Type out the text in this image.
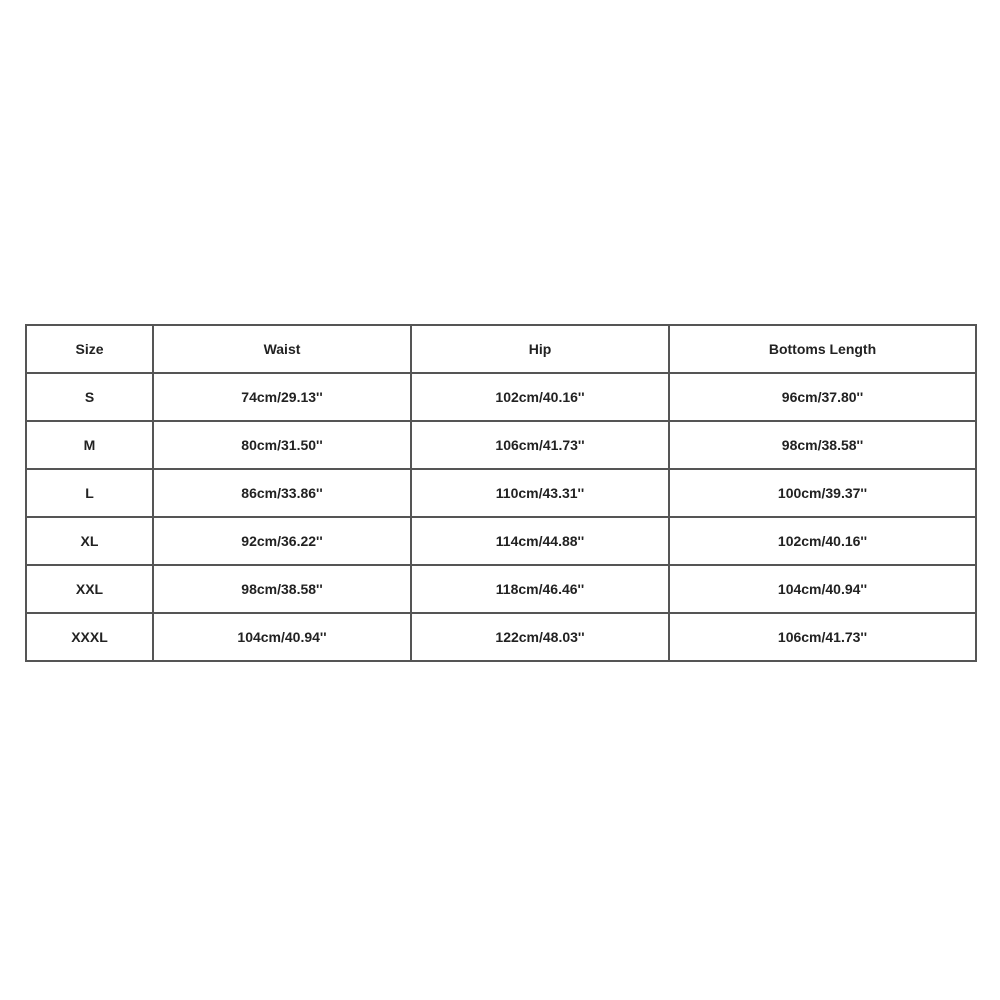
Size	Waist	Hip	Bottoms Length
S	74cm/29.13''	102cm/40.16''	96cm/37.80''
M	80cm/31.50''	106cm/41.73''	98cm/38.58''
L	86cm/33.86''	110cm/43.31''	100cm/39.37''
XL	92cm/36.22''	114cm/44.88''	102cm/40.16''
XXL	98cm/38.58''	118cm/46.46''	104cm/40.94''
XXXL	104cm/40.94''	122cm/48.03''	106cm/41.73''
